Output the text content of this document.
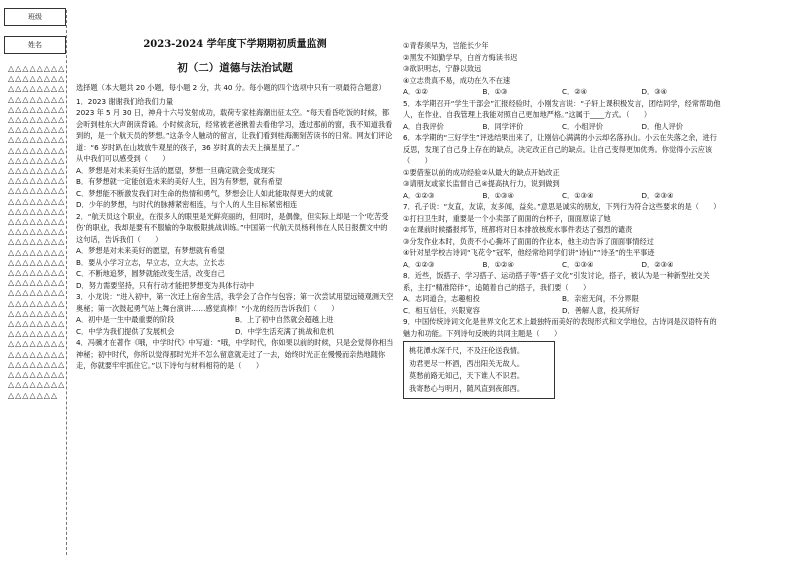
班级
姓名
△△△△△△△△△△△△△△△△△△△△△△△△△△△△△△△△△△△△△△△△△△△△△△△△△△△△△△△△△△△△△△△△△△△△△△△△△△△△△△△△△△△△△△△△△△△△△△△△△△△△△△△△△△△△△△△△△△△△△△△△△△△△△△△△△△△△△△△△△△△△△△△△△△△△△△△△△△△△△△△△△△△△△△△△△△△△△△△△△△△△△△△△△△△△△△△△△△△△△△△△△△△△△△△△△△△△△△△△△△△△△△△△△△△△△△△△△△△△△△△△△△△△△△△△△△△△△△△△△△△△△△△
2023-2024 学年度下学期期初质量监测
初（二）道德与法治试题

选择题（本大题共 20 小题，每小题 2 分，共 40 分。每小题的四个选项中只有一项最符合题意）

1．2023 谢谢我们给我们力量

2023 年 5 月 30 日，神舟十六号发射成功，载荷专家桂海潮出征太空。“每天看昏吃饭的时候，都会听到桂东大声朗读背诵。小时候贪玩，经常被老爸揪着去看他学习，透过那前的窗，我不知道我看到的，是一个航天员的梦想。”这条令人触动的留言，让我们看到桂海潮刻苦读书的日常。网友们评论道：“6 岁时趴在山坡放牛观星的孩子，36 岁时真的去天上摘星星了。”

从中我们可以感受到（　　）

A．梦想是对未来美好生活的愿望，梦想一旦确定就会变成现实

B．有梦想就一定能创造未来的美好人生，因为有梦想，就有希望

C．梦想能不断激发我们对生命的热情和勇气，梦想会让人如此能取得更大的成就

D．少年的梦想，与时代的脉搏紧密相连，与个人的人生目标紧密相连

2．“航天员这个职业，在很多人的眼里是光鲜亮丽的，但同时，是偶像，但实际上却是一个‘吃苦受伤’的职业，我却是要有不服输的争取极限挑战训练。”中国第一代航天员杨利伟在人民日报撰文中的这句话，告诉我们（　　）

A．梦想是对未来美好的愿望，有梦想就有希望

B．要从小学习立志，早立志，立大志，立长志

C．不断地追梦，圆梦就能改变生活，改变自己

D．努力需要坚持，只有行动才能把梦想变为具体行动中

3．小龙说：“进入初中，第一次迁上宿舍生活，我学会了合作与包容；第一次尝试用望远镜观测天空奥秘；第一次鼓起勇气站上舞台演讲……感觉真棒！”小龙的经历告诉我们（　　）

A．初中是一生中最重要的阶段	B．上了初中自然就会超越上进
C．中学为我们提供了发展机会	D．中学生活充满了挑战和危机

4．冯骥才在著作《哦，中学时代》中写道：“哦，中学时代，你如果以前的时候，只是会觉得你相当神秘；初中时代，你所以觉得那时光并不怎么留意就走过了一去，始终时光正在慢慢而亲热地随你走，你就要牢牢抓住它。”以下诗句与材料相符的是（　　）

①青春须早为，岂能长少年

②黑发不知勤学早，白首方悔读书迟

③欲识明志，宁静以致远

④立志贵真不易，成功在久不在速

A．①②	B．①③	C．②④	D．③④

5．本学期召开“学生干部会”汇报经验时，小刚发言说：“子轩上课积极发言，团结同学，经常帮助他人，在作业、自我管理上我能对照自己更加地严格。”这属于____方式。（　　）

A．自我评价	B．同学评价	C．小组评价	D．他人评价

6．本学期的“三好学生”评选结果出来了，让刚信心满满的小云却名落孙山。小云在失落之余，进行反思，发现了自己身上存在的缺点，决定改正自己的缺点。让自己变得更加优秀。你觉得小云应该（　　）

①要借鉴以前的成功经验②从最大的缺点开始改正

③请朋友或家长监督自己④提高执行力，说到做到

A．①②③	B．①③④	C．①③④	D．②③④

7．孔子说：“友直，友谅，友多闻，益矣。”意思是诚实的朋友，下列行为符合这些要求的是（　　）

①打扫卫生时，重要是一个小卖部了面面的台杯子，面面原谅了她

②在课前时候播报邦节，班都将对日本排放核废水事件表达了强烈的谴责

③分发作业本时，负责不小心撕坏了面面的作业本，他主动告诉了面面事情经过

④针对星学校古诗词“飞花令”冠军，他经常给同学们讲“诗仙”“诗圣”的生平事迹

A．①②③	B．①②④	C．①③④	D．②③④

8．近些，饭搭子、学习搭子、运动搭子等“搭子文化”引发讨论，搭子，被认为是一种新型社交关系，主打“精准陪伴”，追随着自己的搭子，我们要（　　）

A．志同道合，志趣相投	B．亲密无间，不分界限
C．相互信任，兴限宽容	D．善解人意，投其所好

9．中国传统诗词文化是世界文化艺术上最独特而美好的表现形式和文学地位，古诗词是汉语特有的魅力和功能。下列诗句反映的共同主题是（　　）

桃花潭水深千尺，不及汪伦送我情。
劝君更尽一杯酒，西出阳关无故人。
莫愁前路无知己，天下谁人不识君。
我寄愁心与明月，随风直到夜郎西。
